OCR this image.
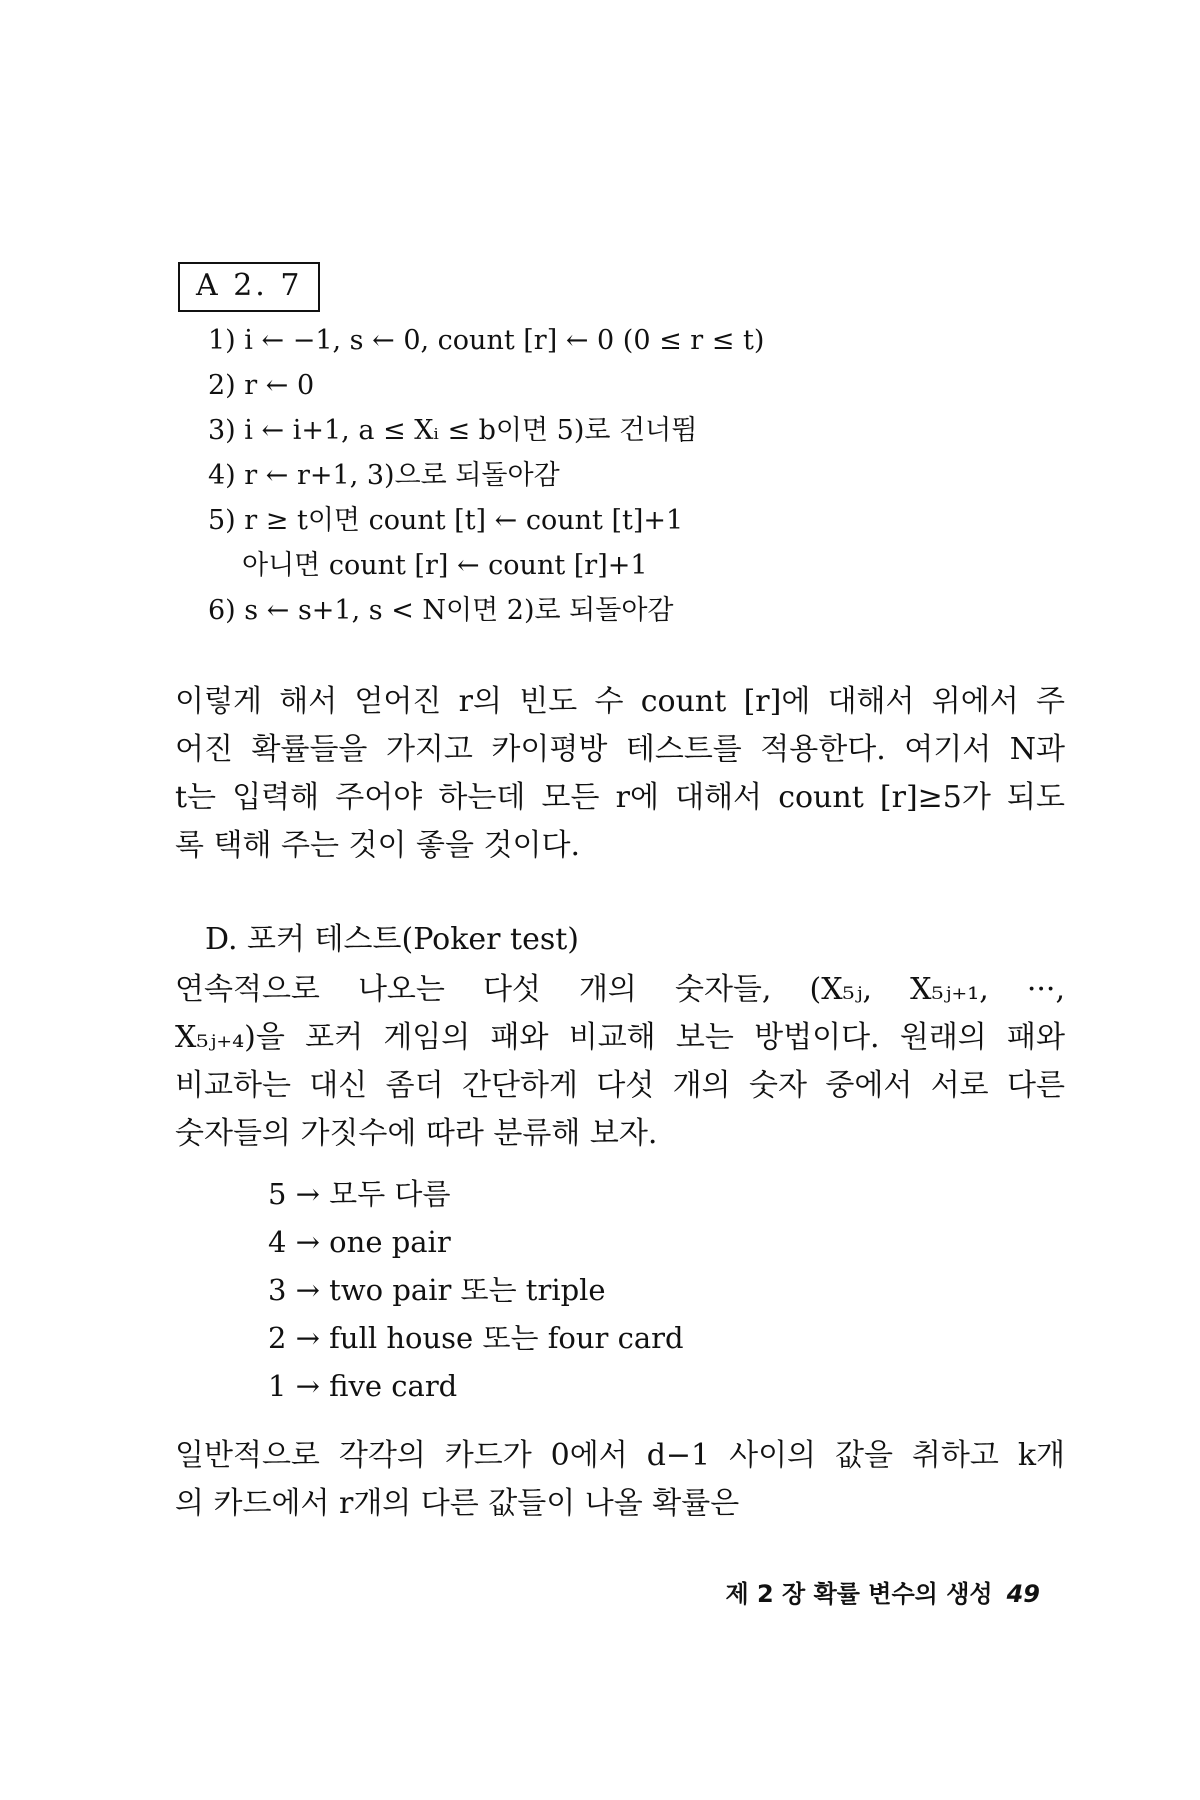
A 2. 7
1) i ← −1, s ← 0, count [r] ← 0 (0 ≤ r ≤ t)
2) r ← 0
3) i ← i+1, a ≤ Xᵢ ≤ b이면 5)로 건너뜀
4) r ← r+1, 3)으로 되돌아감
5) r ≥ t이면 count [t] ← count [t]+1
아니면 count [r] ← count [r]+1
6) s ← s+1, s < N이면 2)로 되돌아감
이렇게 해서 얻어진 r의 빈도 수 count [r]에 대해서 위에서 주
어진 확률들을 가지고 카이평방 테스트를 적용한다. 여기서 N과
t는 입력해 주어야 하는데 모든 r에 대해서 count [r]≥5가 되도
록 택해 주는 것이 좋을 것이다.
D. 포커 테스트(Poker test)
연속적으로 나오는 다섯 개의 숫자들, (X₅ⱼ, X₅ⱼ₊₁, ···,
X₅ⱼ₊₄)을 포커 게임의 패와 비교해 보는 방법이다. 원래의 패와
비교하는 대신 좀더 간단하게 다섯 개의 숫자 중에서 서로 다른
숫자들의 가짓수에 따라 분류해 보자.
5 → 모두 다름
4 → one pair
3 → two pair 또는 triple
2 → full house 또는 four card
1 → five card
일반적으로 각각의 카드가 0에서 d−1 사이의 값을 취하고 k개
의 카드에서 r개의 다른 값들이 나올 확률은
제 2 장 확률 변수의 생성 49
